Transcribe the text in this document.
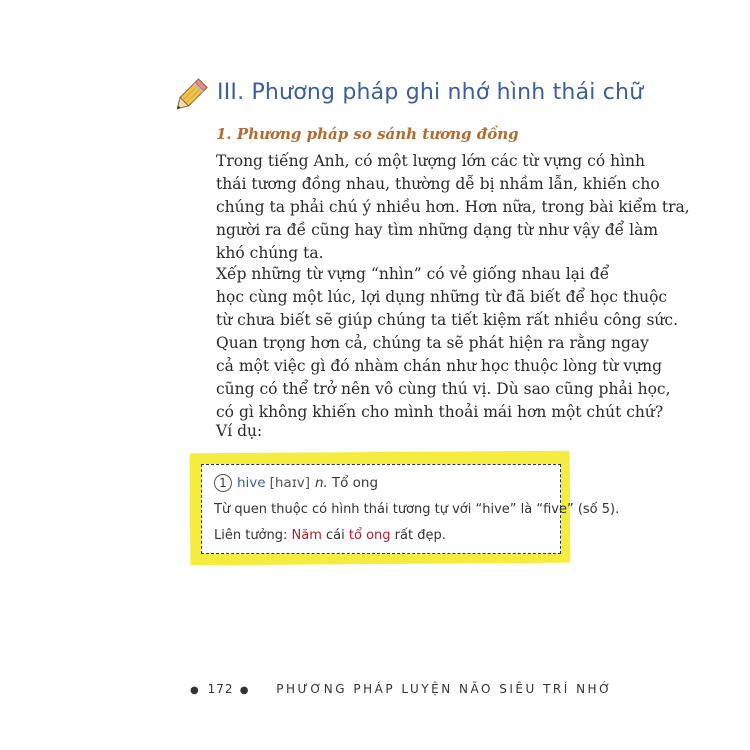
III. Phương pháp ghi nhớ hình thái chữ
1. Phương pháp so sánh tương đồng
Trong tiếng Anh, có một lượng lớn các từ vựng có hình
thái tương đồng nhau, thường dễ bị nhầm lẫn, khiến cho
chúng ta phải chú ý nhiều hơn. Hơn nữa, trong bài kiểm tra,
người ra đề cũng hay tìm những dạng từ như vậy để làm
khó chúng ta.
Xếp những từ vựng “nhìn” có vẻ giống nhau lại để
học cùng một lúc, lợi dụng những từ đã biết để học thuộc
từ chưa biết sẽ giúp chúng ta tiết kiệm rất nhiều công sức.
Quan trọng hơn cả, chúng ta sẽ phát hiện ra rằng ngay
cả một việc gì đó nhàm chán như học thuộc lòng từ vựng
cũng có thể trở nên vô cùng thú vị. Dù sao cũng phải học,
có gì không khiến cho mình thoải mái hơn một chút chứ?
Ví dụ:
1 hive [haɪv] n. Tổ ong
Từ quen thuộc có hình thái tương tự với “hive” là “five” (số 5).
Liên tưởng: Năm cái tổ ong rất đẹp.
● 172 ● PHƯƠNG PHÁP LUYỆN NÃO SIÊU TRÍ NHỚ
